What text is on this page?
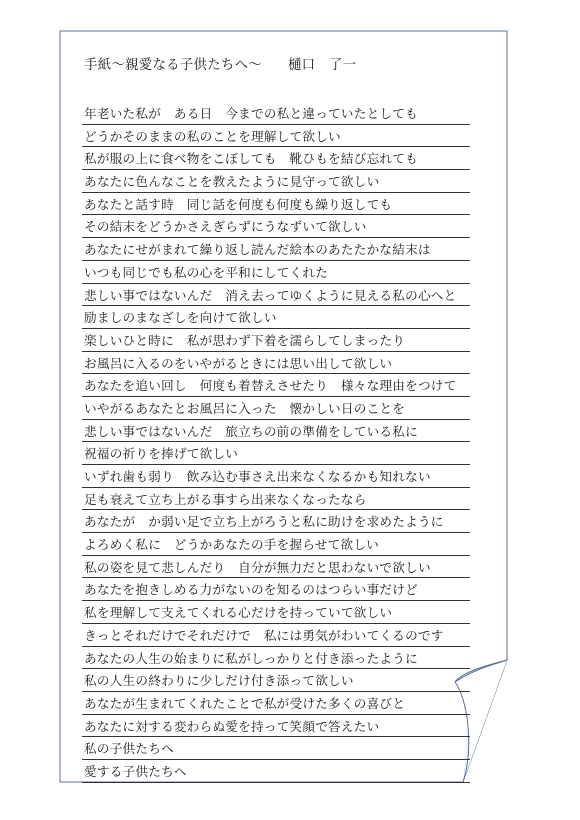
手紙〜親愛なる子供たちへ〜 樋口　了一
年老いた私が　ある日　今までの私と違っていたとしても
どうかそのままの私のことを理解して欲しい
私が服の上に食べ物をこぼしても　靴ひもを結び忘れても
あなたに色んなことを教えたように見守って欲しい
あなたと話す時　同じ話を何度も何度も繰り返しても
その結末をどうかさえぎらずにうなずいて欲しい
あなたにせがまれて繰り返し読んだ絵本のあたたかな結末は
いつも同じでも私の心を平和にしてくれた
悲しい事ではないんだ　消え去ってゆくように見える私の心へと
励ましのまなざしを向けて欲しい
楽しいひと時に　私が思わず下着を濡らしてしまったり
お風呂に入るのをいやがるときには思い出して欲しい
あなたを追い回し　何度も着替えさせたり　様々な理由をつけて
いやがるあなたとお風呂に入った　懐かしい日のことを
悲しい事ではないんだ　旅立ちの前の準備をしている私に
祝福の祈りを捧げて欲しい
いずれ歯も弱り　飲み込む事さえ出来なくなるかも知れない
足も衰えて立ち上がる事すら出来なくなったなら
あなたが　か弱い足で立ち上がろうと私に助けを求めたように
よろめく私に　どうかあなたの手を握らせて欲しい
私の姿を見て悲しんだり　自分が無力だと思わないで欲しい
あなたを抱きしめる力がないのを知るのはつらい事だけど
私を理解して支えてくれる心だけを持っていて欲しい
きっとそれだけでそれだけで　私には勇気がわいてくるのです
あなたの人生の始まりに私がしっかりと付き添ったように
私の人生の終わりに少しだけ付き添って欲しい
あなたが生まれてくれたことで私が受けた多くの喜びと
あなたに対する変わらぬ愛を持って笑顔で答えたい
私の子供たちへ
愛する子供たちへ
